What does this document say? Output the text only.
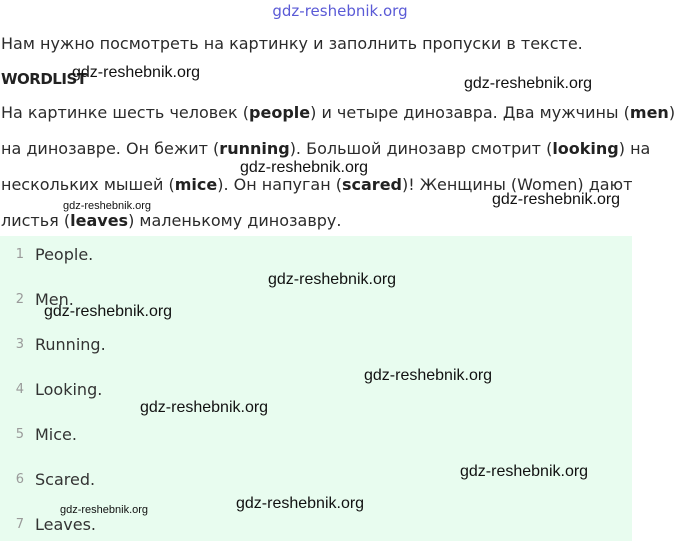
gdz-reshebnik.org
Нам нужно посмотреть на картинку и заполнить пропуски в тексте.
WORDLIST

На картинке шесть человек (people) и четыре динозавра. Два мужчины (men) на динозавре. Он бежит (running). Большой динозавр смотрит (looking) на нескольких мышей (mice). Он напуган (scared)! Женщины (Women) дают листья (leaves) маленькому динозавру.

1 People.
2 Men.
3 Running.
4 Looking.
5 Mice.
6 Scared.
7 Leaves.
gdz-reshebnik.org
gdz-reshebnik.org
gdz-reshebnik.org
gdz-reshebnik.org	gdz-reshebnik.org
gdz-reshebnik.org
gdz-reshebnik.org
gdz-reshebnik.org
gdz-reshebnik.org
gdz-reshebnik.org
gdz-reshebnik.org	gdz-reshebnik.org
